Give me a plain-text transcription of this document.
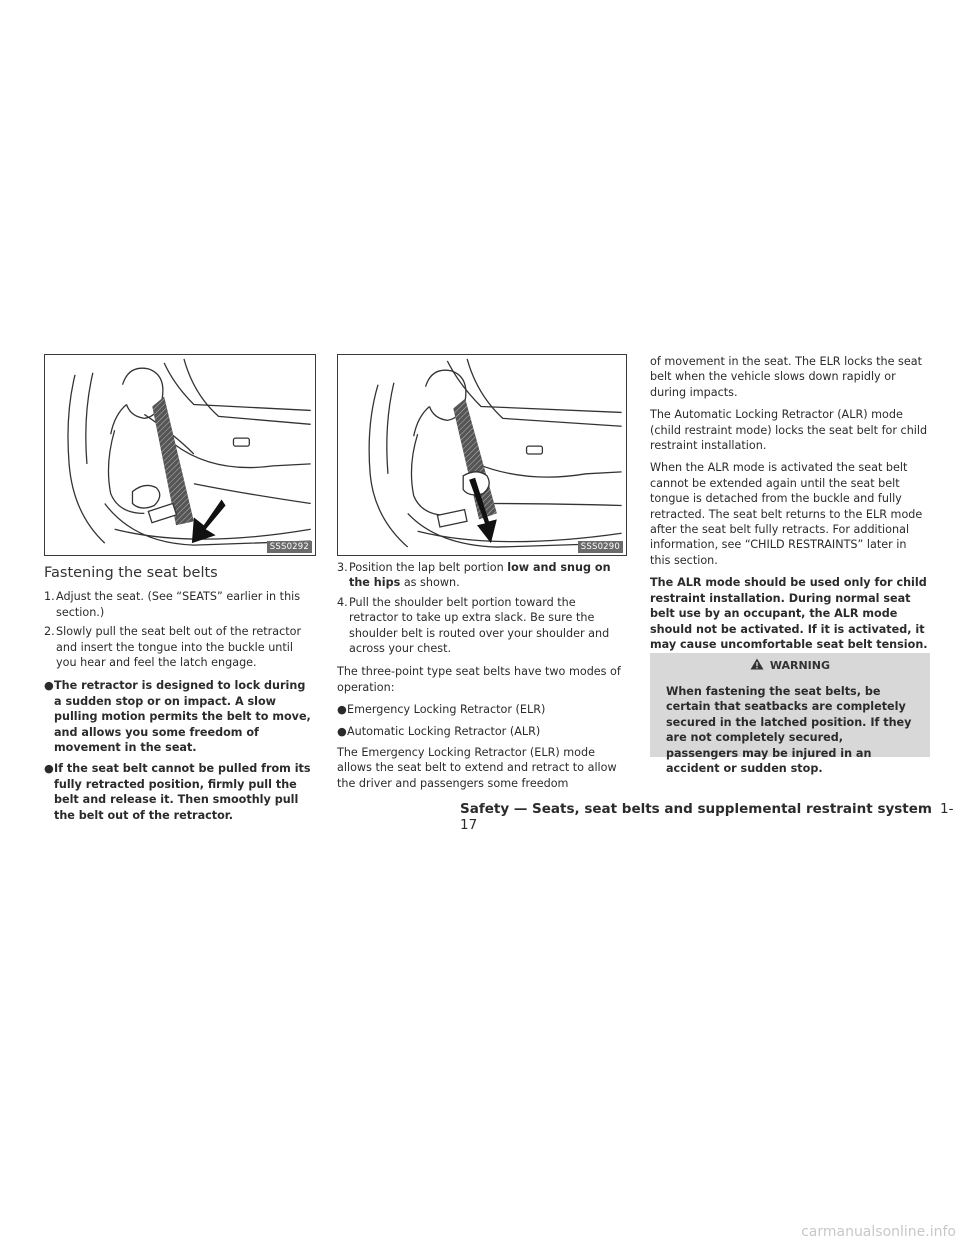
SSS0292	SSS0290
Fastening the seat belts
1. Adjust the seat. (See “SEATS” earlier in this section.)
2. Slowly pull the seat belt out of the retractor and insert the tongue into the buckle until you hear and feel the latch engage.
● The retractor is designed to lock during a sudden stop or on impact. A slow pulling motion permits the belt to move, and allows you some freedom of movement in the seat.
● If the seat belt cannot be pulled from its fully retracted position, firmly pull the belt and release it. Then smoothly pull the belt out of the retractor.
3. Position the lap belt portion low and snug on the hips as shown.
4. Pull the shoulder belt portion toward the retractor to take up extra slack. Be sure the shoulder belt is routed over your shoulder and across your chest.

The three-point type seat belts have two modes of operation:

● Emergency Locking Retractor (ELR)
● Automatic Locking Retractor (ALR)

The Emergency Locking Retractor (ELR) mode allows the seat belt to extend and retract to allow the driver and passengers some freedom

of movement in the seat. The ELR locks the seat belt when the vehicle slows down rapidly or during impacts.

The Automatic Locking Retractor (ALR) mode (child restraint mode) locks the seat belt for child restraint installation.

When the ALR mode is activated the seat belt cannot be extended again until the seat belt tongue is detached from the buckle and fully retracted. The seat belt returns to the ELR mode after the seat belt fully retracts. For additional information, see “CHILD RESTRAINTS” later in this section.

The ALR mode should be used only for child restraint installation. During normal seat belt use by an occupant, the ALR mode should not be activated. If it is activated, it may cause uncomfortable seat belt tension.

WARNING

When fastening the seat belts, be certain that seatbacks are completely secured in the latched position. If they are not completely secured, passengers may be injured in an accident or sudden stop.

Safety — Seats, seat belts and supplemental restraint system 1-17
carmanualsonline.info
